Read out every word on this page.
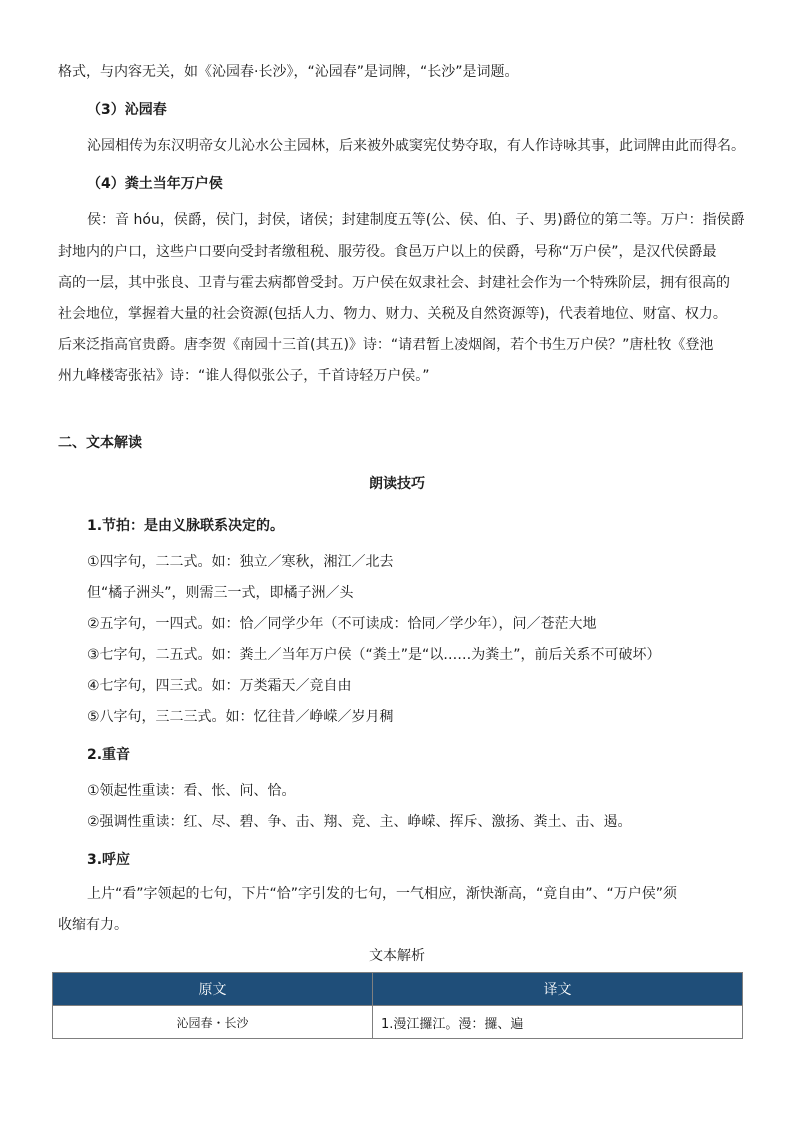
格式，与内容无关，如《沁园春·长沙》，“沁园春”是词牌，“长沙”是词题。
（3）沁园春
沁园相传为东汉明帝女儿沁水公主园林，后来被外戚窦宪仗势夺取，有人作诗咏其事，此词牌由此而得名。
（4）粪土当年万户侯
侯：音 hóu，侯爵，侯门，封侯，诸侯；封建制度五等(公、侯、伯、子、男)爵位的第二等。万户：指侯爵
封地内的户口，这些户口要向受封者缴租税、服劳役。食邑万户以上的侯爵，号称“万户侯”，是汉代侯爵最
高的一层，其中张良、卫青与霍去病都曾受封。万户侯在奴隶社会、封建社会作为一个特殊阶层，拥有很高的
社会地位，掌握着大量的社会资源(包括人力、物力、财力、关税及自然资源等)，代表着地位、财富、权力。
后来泛指高官贵爵。唐李贺《南园十三首(其五)》诗：“请君暂上凌烟阁，若个书生万户侯？”唐杜牧《登池
州九峰楼寄张祜》诗：“谁人得似张公子，千首诗轻万户侯。”
二、文本解读
朗读技巧
1.节拍：是由义脉联系决定的。
①四字句，二二式。如：独立／寒秋，湘江／北去
但“橘子洲头”，则需三一式，即橘子洲／头
②五字句，一四式。如：恰／同学少年（不可读成：恰同／学少年），问／苍茫大地
③七字句，二五式。如：粪土／当年万户侯（“粪土”是“以……为粪土”，前后关系不可破坏）
④七字句，四三式。如：万类霜天／竞自由
⑤八字句，三二三式。如：忆往昔／峥嵘／岁月稠
2.重音
①领起性重读：看、怅、问、恰。
②强调性重读：红、尽、碧、争、击、翔、竞、主、峥嵘、挥斥、激扬、粪土、击、遏。
3.呼应
上片“看”字领起的七句，下片“恰”字引发的七句，一气相应，渐快渐高，“竟自由”、“万户侯”须
收缩有力。
文本解析
原文	译文
沁园春・长沙	1.漫江攞江。漫：攞、遍
